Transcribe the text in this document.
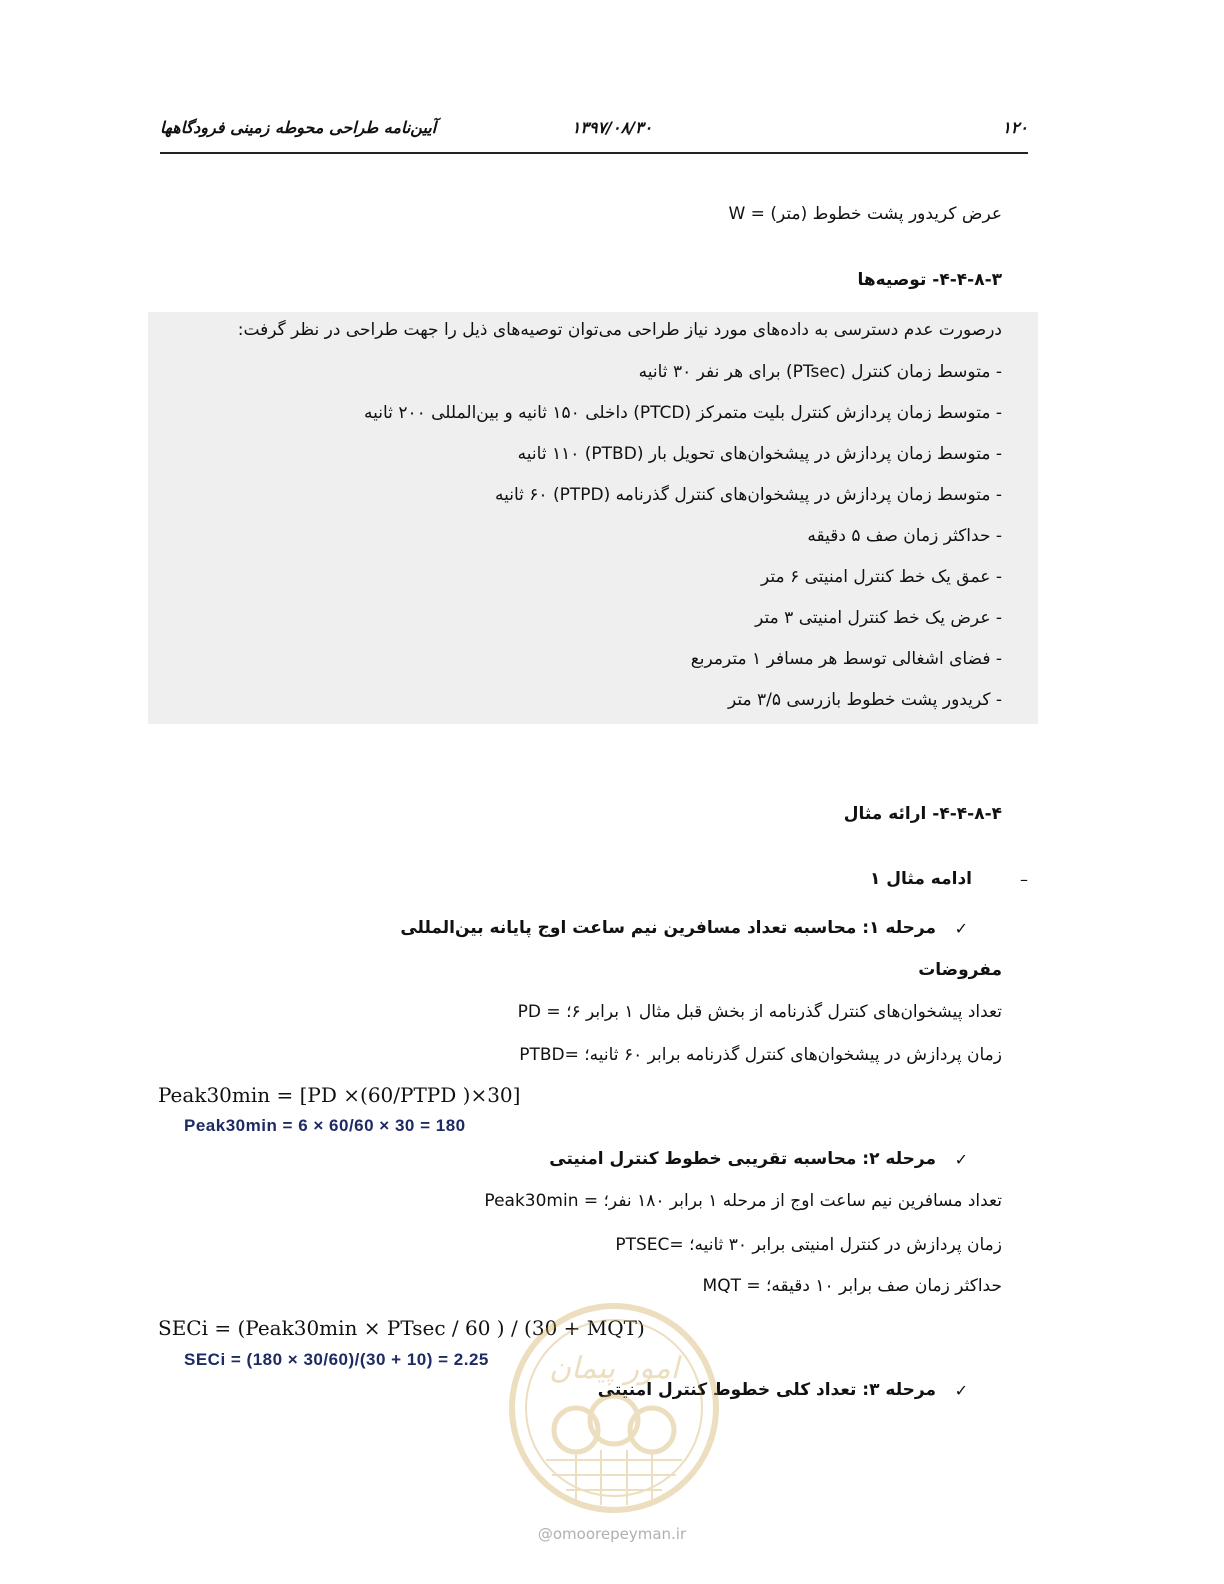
آیین‌نامه طراحی محوطه زمینی فرودگاهها	۱۳۹۷/۰۸/۳۰	۱۲۰
W = عرض کریدور پشت خطوط (متر)
۴-۴-۸-۳- توصیه‌ها
درصورت عدم دسترسی به داده‌های مورد نیاز طراحی می‌توان توصیه‌های ذیل را جهت طراحی در نظر گرفت:
- متوسط زمان کنترل (PTsec) برای هر نفر ۳۰ ثانیه
- متوسط زمان پردازش کنترل بلیت متمرکز (PTCD) داخلی ۱۵۰ ثانیه و بین‌المللی ۲۰۰ ثانیه
- متوسط زمان پردازش در پیشخوان‌های تحویل بار (PTBD) ۱۱۰ ثانیه
- متوسط زمان پردازش در پیشخوان‌های کنترل گذرنامه (PTPD) ۶۰ ثانیه
- حداکثر زمان صف ۵ دقیقه
- عمق یک خط کنترل امنیتی ۶ متر
- عرض یک خط کنترل امنیتی ۳ متر
- فضای اشغالی توسط هر مسافر ۱ مترمربع
- کریدور پشت خطوط بازرسی ۳/۵ متر
۴-۴-۸-۴- ارائه مثال
–
ادامه مثال ۱
✓
مرحله ۱: محاسبه تعداد مسافرین نیم ساعت اوج پایانه بین‌المللی
مفروضات
PD = تعداد پیشخوان‌های کنترل گذرنامه از بخش قبل مثال ۱ برابر ۶؛
PTBD= زمان پردازش در پیشخوان‌های کنترل گذرنامه برابر ۶۰ ثانیه؛
Peak30min = [PD ×(60/PTPD )×30]
Peak30min = 6 × 60/60 × 30 = 180
✓
مرحله ۲: محاسبه تقریبی خطوط کنترل امنیتی
Peak30min = تعداد مسافرین نیم ساعت اوج از مرحله ۱ برابر ۱۸۰ نفر؛
PTSEC= زمان پردازش در کنترل امنیتی برابر ۳۰ ثانیه؛
MQT = حداکثر زمان صف برابر ۱۰ دقیقه؛
SECi = (Peak30min × PTsec / 60 ) / (30 + MQT)
SECi = (180 × 30/60)/(30 + 10) = 2.25
✓
مرحله ۳: تعداد کلی خطوط کنترل امنیتی
امور پیمان
@omoorepeyman.ir
